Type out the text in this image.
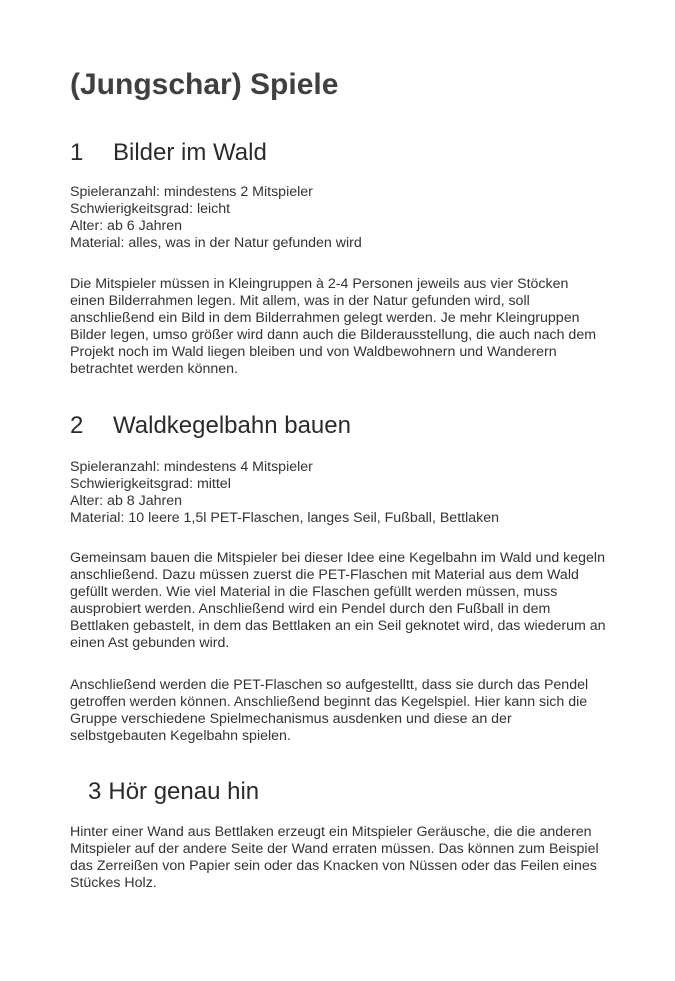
(Jungschar) Spiele
1 Bilder im Wald
Spieleranzahl: mindestens 2 Mitspieler
Schwierigkeitsgrad: leicht
Alter: ab 6 Jahren
Material: alles, was in der Natur gefunden wird
Die Mitspieler müssen in Kleingruppen à 2-4 Personen jeweils aus vier Stöcken
einen Bilderrahmen legen. Mit allem, was in der Natur gefunden wird, soll
anschließend ein Bild in dem Bilderrahmen gelegt werden. Je mehr Kleingruppen
Bilder legen, umso größer wird dann auch die Bilderausstellung, die auch nach dem
Projekt noch im Wald liegen bleiben und von Waldbewohnern und Wanderern
betrachtet werden können.
2 Waldkegelbahn bauen
Spieleranzahl: mindestens 4 Mitspieler
Schwierigkeitsgrad: mittel
Alter: ab 8 Jahren
Material: 10 leere 1,5l PET-Flaschen, langes Seil, Fußball, Bettlaken
Gemeinsam bauen die Mitspieler bei dieser Idee eine Kegelbahn im Wald und kegeln
anschließend. Dazu müssen zuerst die PET-Flaschen mit Material aus dem Wald
gefüllt werden. Wie viel Material in die Flaschen gefüllt werden müssen, muss
ausprobiert werden. Anschließend wird ein Pendel durch den Fußball in dem
Bettlaken gebastelt, in dem das Bettlaken an ein Seil geknotet wird, das wiederum an
einen Ast gebunden wird.
Anschließend werden die PET-Flaschen so aufgestelltt, dass sie durch das Pendel
getroffen werden können. Anschließend beginnt das Kegelspiel. Hier kann sich die
Gruppe verschiedene Spielmechanismus ausdenken und diese an der
selbstgebauten Kegelbahn spielen.
3 Hör genau hin
Hinter einer Wand aus Bettlaken erzeugt ein Mitspieler Geräusche, die die anderen
Mitspieler auf der andere Seite der Wand erraten müssen. Das können zum Beispiel
das Zerreißen von Papier sein oder das Knacken von Nüssen oder das Feilen eines
Stückes Holz.
